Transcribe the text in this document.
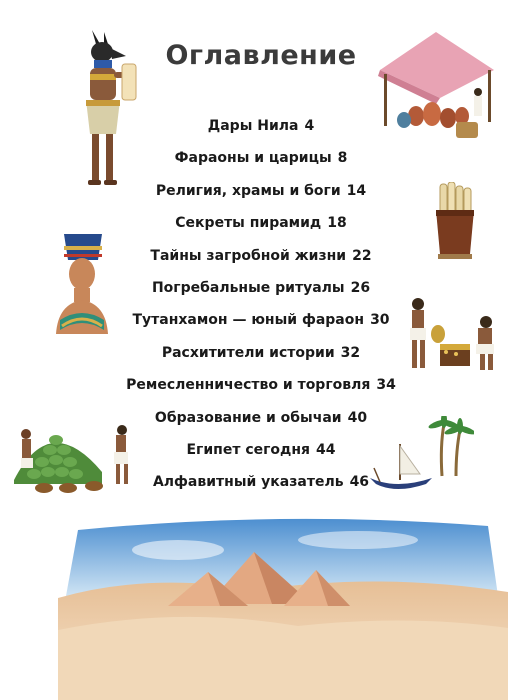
Оглавление
Дары Нила 4
Фараоны и царицы 8
Религия, храмы и боги 14
Секреты пирамид 18
Тайны загробной жизни 22
Погребальные ритуалы 26
Тутанхамон — юный фараон 30
Расхитители истории 32
Ремесленничество и торговля 34
Образование и обычаи 40
Египет сегодня 44
Алфавитный указатель 46
